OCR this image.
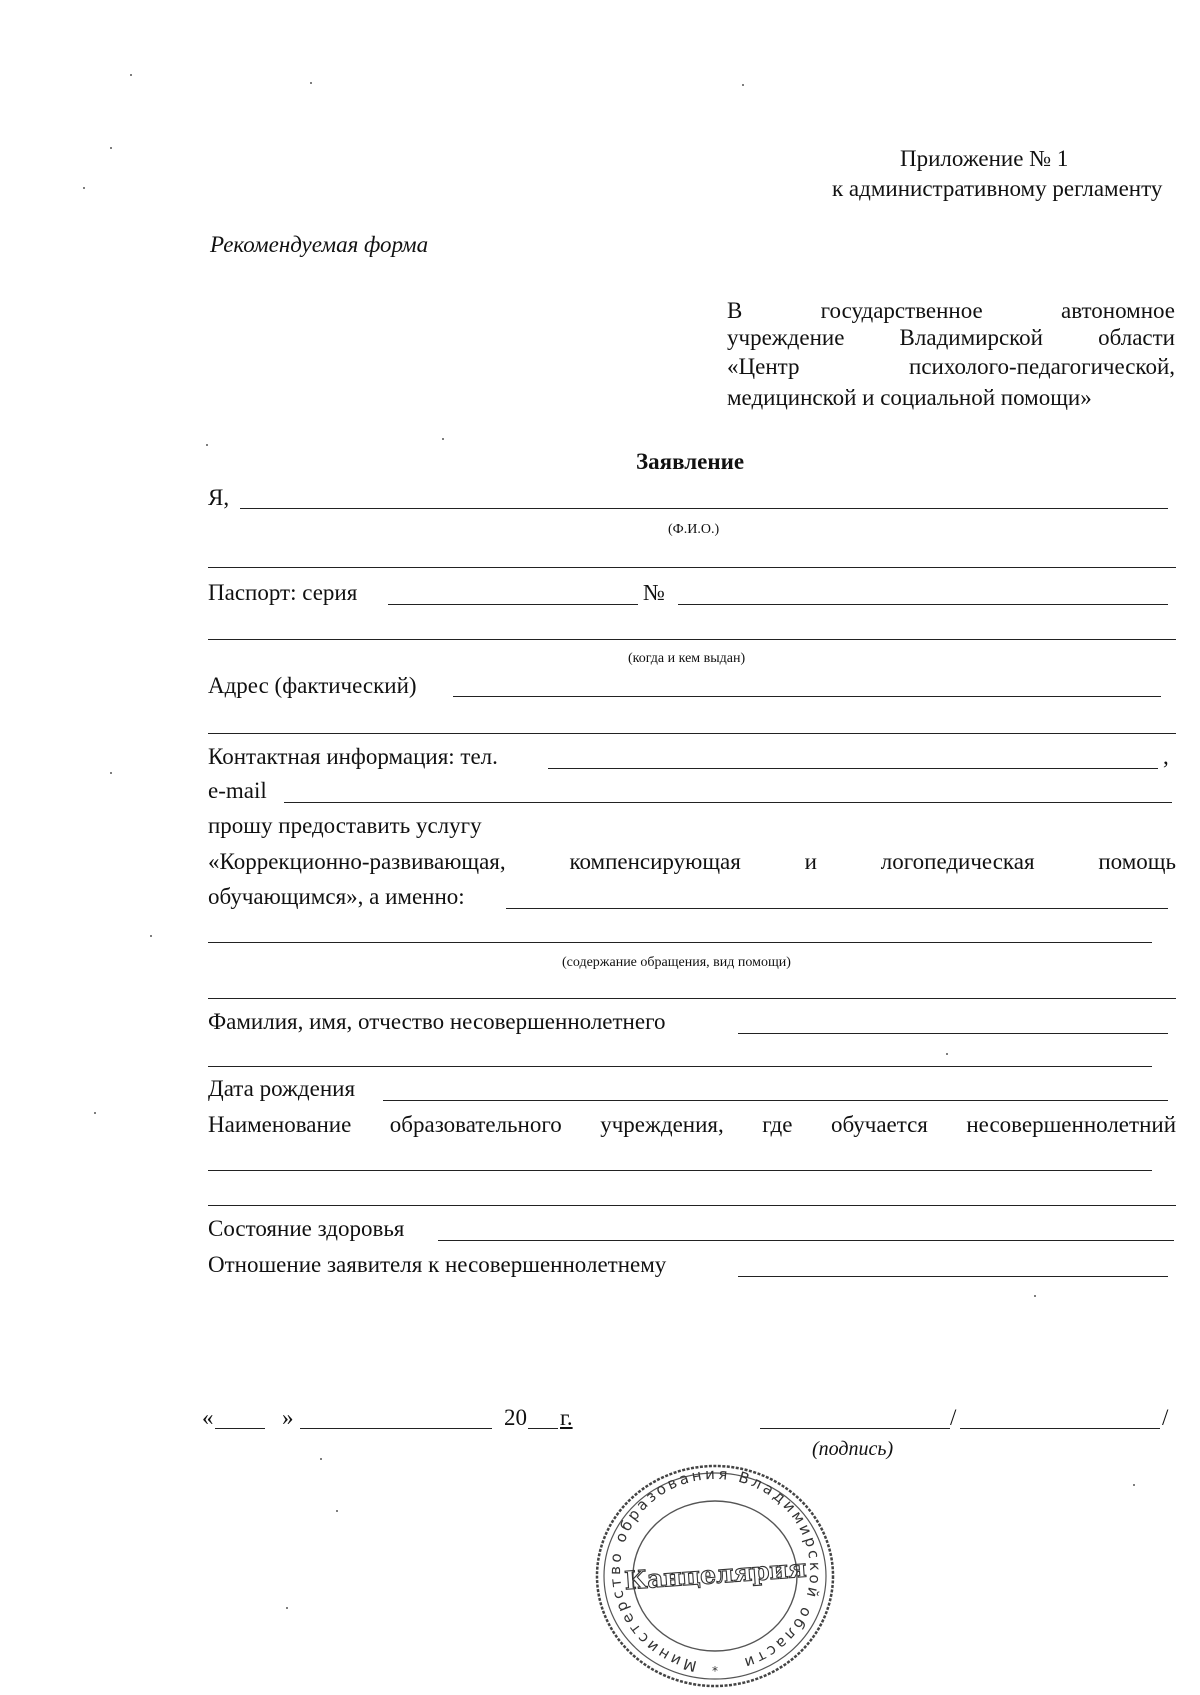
Приложение № 1
к административному регламенту
Рекомендуемая форма
В государственное автономное
учреждение Владимирской области
«Центр психолого-педагогической,
медицинской и социальной помощи»
Заявление
Я,
(Ф.И.О.)
Паспорт: серия	№
(когда и кем выдан)
Адрес (фактический)
Контактная информация: тел.	,
e-mail
прошу предоставить услугу
«Коррекционно-развивающая, компенсирующая и логопедическая помощь
обучающимся», а именно:
(содержание обращения, вид помощи)
Фамилия, имя, отчество несовершеннолетнего
Дата рождения
Наименование образовательного учреждения, где обучается несовершеннолетний
Состояние здоровья
Отношение заявителя к несовершеннолетнему
«	»	20 г.	/	/
(подпись)
Министерство образования Владимирской области
Канцелярия
*
